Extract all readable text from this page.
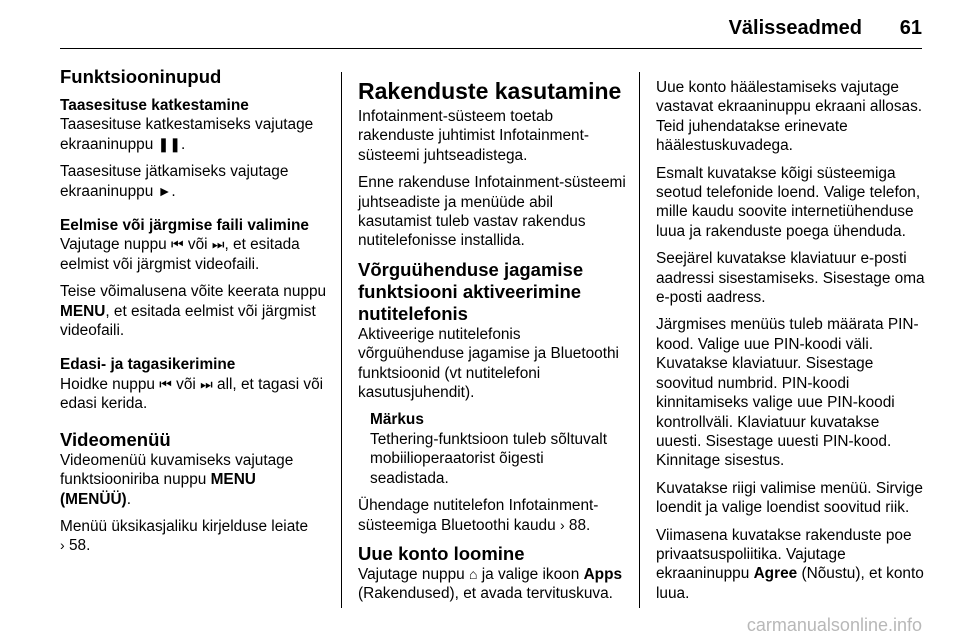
Välisseadmed 61
Funktsiooninupud
Taasesituse katkestamine

Taasesituse katkestamiseks vajutage ekraaninuppu ❚❚.

Taasesituse jätkamiseks vajutage ekraaninuppu ►.

Eelmise või järgmise faili valimine

Vajutage nuppu ⏮ või ⏭, et esitada eelmist või järgmist videofaili.

Teise võimalusena võite keerata nuppu MENU, et esitada eelmist või järgmist videofaili.

Edasi- ja tagasikerimine

Hoidke nuppu ⏮ või ⏭ all, et tagasi või edasi kerida.

Videomenüü

Videomenüü kuvamiseks vajutage funktsiooniriba nuppu MENU (MENÜÜ).

Menüü üksikasjaliku kirjelduse leiate
› 58.

Rakenduste kasutamine

Infotainment-süsteem toetab rakenduste juhtimist Infotainment-süsteemi juhtseadistega.

Enne rakenduse Infotainment-süsteemi juhtseadiste ja menüüde abil kasutamist tuleb vastav rakendus nutitelefonisse installida.

Võrguühenduse jagamise funktsiooni aktiveerimine nutitelefonis

Aktiveerige nutitelefonis võrguühenduse jagamise ja Bluetoothi funktsioonid (vt nutitelefoni kasutusjuhendit).

Märkus

Tethering-funktsioon tuleb sõltuvalt mobiilioperaatorist õigesti seadistada.

Ühendage nutitelefon Infotainment-süsteemiga Bluetoothi kaudu › 88.

Uue konto loomine

Vajutage nuppu ⌂ ja valige ikoon Apps (Rakendused), et avada tervituskuva.

Uue konto häälestamiseks vajutage vastavat ekraaninuppu ekraani allosas. Teid juhendatakse erinevate häälestuskuvadega.

Esmalt kuvatakse kõigi süsteemiga seotud telefonide loend. Valige telefon, mille kaudu soovite internetiühenduse luua ja rakenduste poega ühenduda.

Seejärel kuvatakse klaviatuur e-posti aadressi sisestamiseks. Sisestage oma e-posti aadress.

Järgmises menüüs tuleb määrata PIN-kood. Valige uue PIN-koodi väli. Kuvatakse klaviatuur. Sisestage soovitud numbrid. PIN-koodi kinnitamiseks valige uue PIN-koodi kontrollväli. Klaviatuur kuvatakse uuesti. Sisestage uuesti PIN-kood. Kinnitage sisestus.

Kuvatakse riigi valimise menüü. Sirvige loendit ja valige loendist soovitud riik.

Viimasena kuvatakse rakenduste poe privaatsuspoliitika. Vajutage ekraaninuppu Agree (Nõustu), et konto luua.

carmanualsonline.info
